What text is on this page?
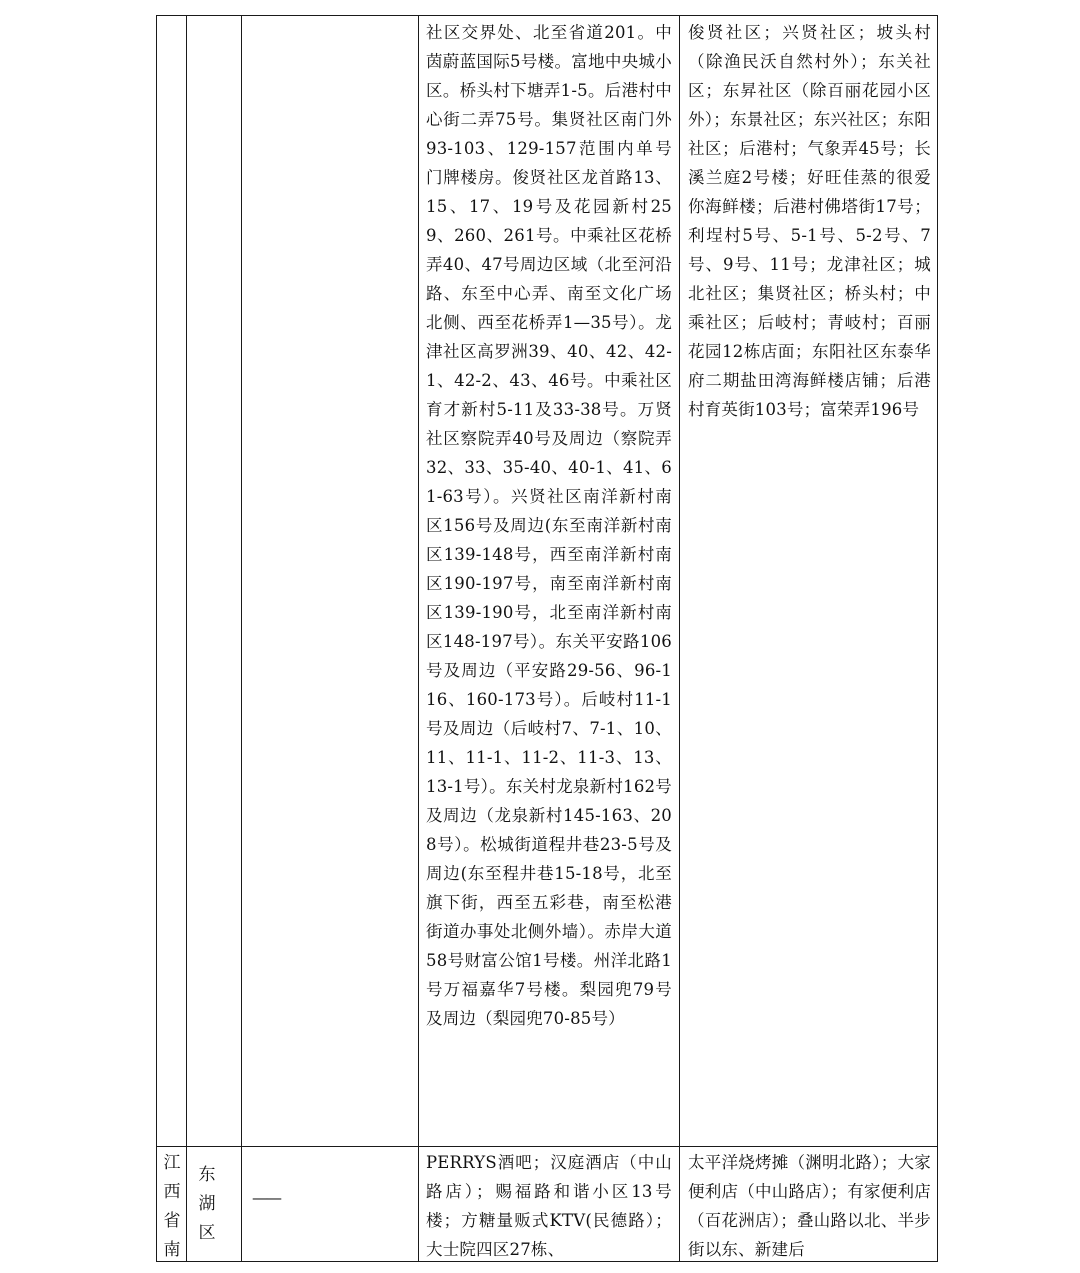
社区交界处、北至省道201。中茵蔚蓝国际5号楼。富地中央城小区。桥头村下塘弄1-5。后港村中心街二弄75号。集贤社区南门外93-103、129-157范围内单号门牌楼房。俊贤社区龙首路13、15、17、19号及花园新村259、260、261号。中乘社区花桥弄40、47号周边区域（北至河沿路、东至中心弄、南至文化广场北侧、西至花桥弄1—35号）。龙津社区高罗洲39、40、42、42-1、42-2、43、46号。中乘社区育才新村5-11及33-38号。万贤社区察院弄40号及周边（察院弄32、33、35-40、40-1、41、61-63号）。兴贤社区南洋新村南区156号及周边(东至南洋新村南区139-148号，西至南洋新村南区190-197号，南至南洋新村南区139-190号，北至南洋新村南区148-197号）。东关平安路106号及周边（平安路29-56、96-116、160-173号）。后岐村11-1号及周边（后岐村7、7-1、10、11、11-1、11-2、11-3、13、13-1号）。东关村龙泉新村162号及周边（龙泉新村145-163、208号）。松城街道程井巷23-5号及周边(东至程井巷15-18号，北至旗下街，西至五彩巷，南至松港街道办事处北侧外墙）。赤岸大道58号财富公馆1号楼。州洋北路1号万福嘉华7号楼。梨园兜79号及周边（梨园兜70-85号）
俊贤社区；兴贤社区；坡头村（除渔民沃自然村外）；东关社区；东昇社区（除百丽花园小区外）；东景社区；东兴社区；东阳社区；后港村；气象弄45号；长溪兰庭2号楼；好旺佳蒸的很爱你海鲜楼；后港村佛塔街17号；利埕村5号、5-1号、5-2号、7号、9号、11号；龙津社区；城北社区；集贤社区；桥头村；中乘社区；后岐村；青岐村；百丽花园12栋店面；东阳社区东泰华府二期盐田湾海鲜楼店铺；后港村育英街103号；富荣弄196号
江西省南
东湖区
——
PERRYS酒吧；汉庭酒店（中山路店）；赐福路和谐小区13号楼；方糖量贩式KTV(民德路）；大士院四区27栋、
太平洋烧烤摊（渊明北路）；大家便利店（中山路店）；有家便利店（百花洲店）；叠山路以北、半步街以东、新建后
